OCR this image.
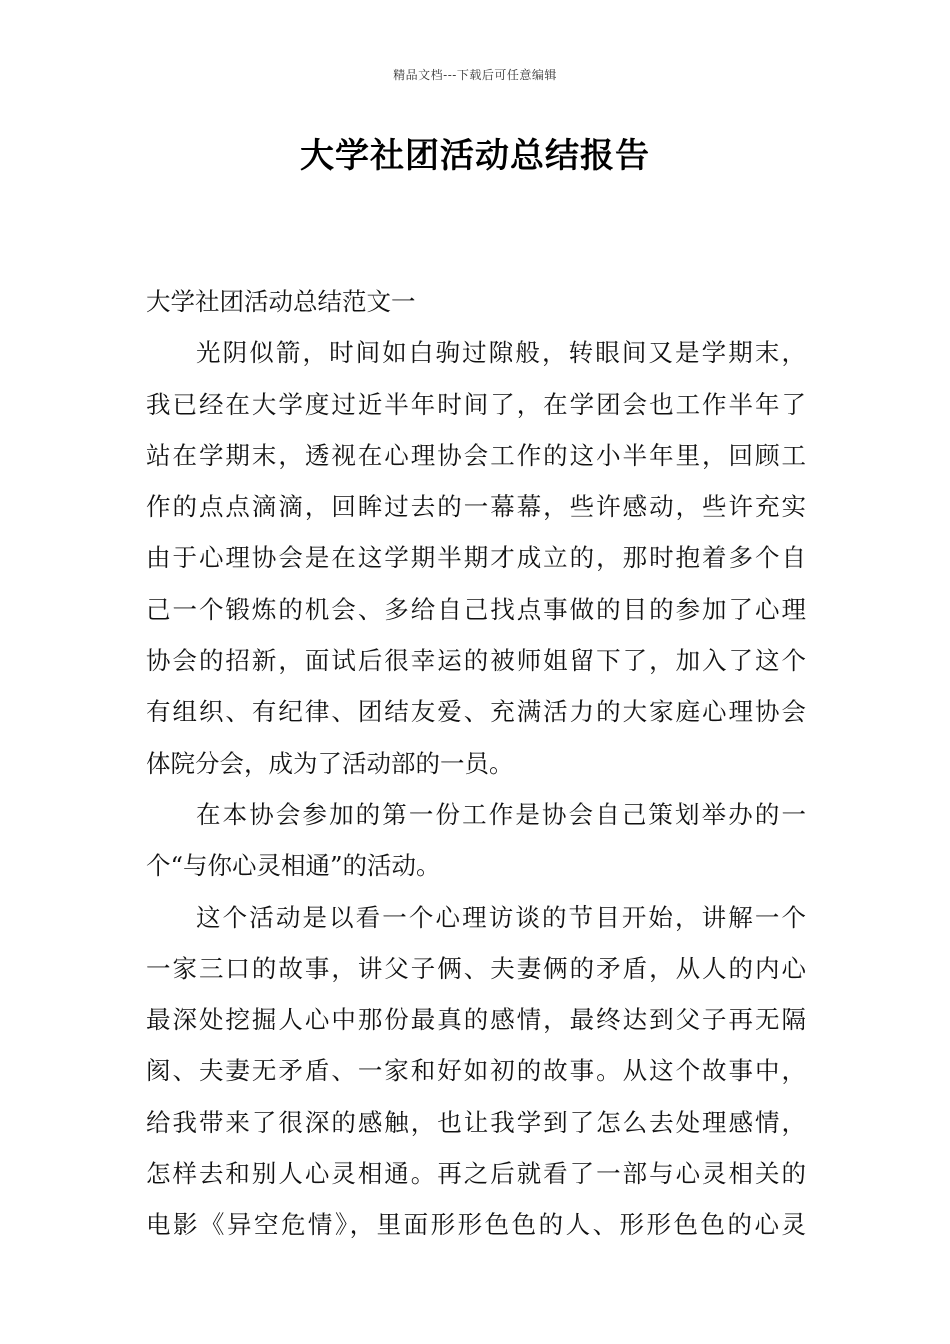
精品文档---下载后可任意编辑
大学社团活动总结报告
大学社团活动总结范文一
光阴似箭，时间如白驹过隙般，转眼间又是学期末，
我已经在大学度过近半年时间了，在学团会也工作半年了
站在学期末，透视在心理协会工作的这小半年里，回顾工
作的点点滴滴，回眸过去的一幕幕，些许感动，些许充实
由于心理协会是在这学期半期才成立的，那时抱着多个自
己一个锻炼的机会、多给自己找点事做的目的参加了心理
协会的招新，面试后很幸运的被师姐留下了，加入了这个
有组织、有纪律、团结友爱、充满活力的大家庭心理协会
体院分会，成为了活动部的一员。
在本协会参加的第一份工作是协会自己策划举办的一
个“与你心灵相通”的活动。
这个活动是以看一个心理访谈的节目开始，讲解一个
一家三口的故事，讲父子俩、夫妻俩的矛盾，从人的内心
最深处挖掘人心中那份最真的感情，最终达到父子再无隔
阂、夫妻无矛盾、一家和好如初的故事。从这个故事中，
给我带来了很深的感触，也让我学到了怎么去处理感情，
怎样去和别人心灵相通。再之后就看了一部与心灵相关的
电影《异空危情》，里面形形色色的人、形形色色的心灵
